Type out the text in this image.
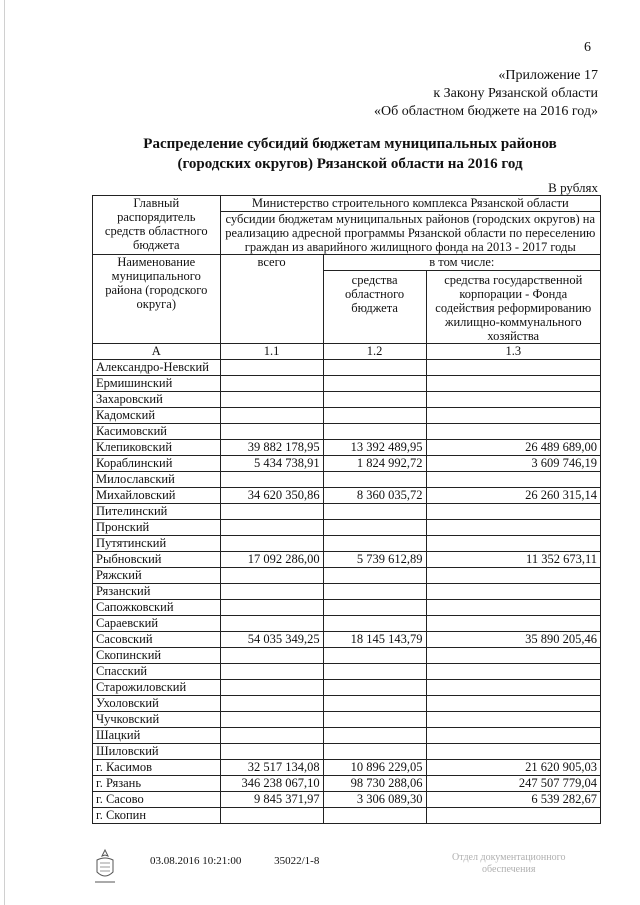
6
«Приложение 17
к Закону Рязанской области
«Об областном бюджете на 2016 год»
Распределение субсидий бюджетам муниципальных районов
(городских округов) Рязанской области на 2016 год
В рублях
Главный распорядитель средств областного бюджета	Министерство строительного комплекса Рязанской области		
	субсидии бюджетам муниципальных районов (городских округов) на реализацию адресной программы Рязанской области по переселению граждан из аварийного жилищного фонда на 2013 - 2017 годы		
Наименование муниципального района (городского округа)	всего	в том числе:	
		средства областного бюджета	средства государственной корпорации - Фонда содействия реформированию жилищно-коммунального хозяйства
А	1.1	1.2	1.3
Александро-Невский			
Ермишинский			
Захаровский			
Кадомский			
Касимовский			
Клепиковский	39 882 178,95	13 392 489,95	26 489 689,00
Кораблинский	5 434 738,91	1 824 992,72	3 609 746,19
Милославский			
Михайловский	34 620 350,86	8 360 035,72	26 260 315,14
Пителинский			
Пронский			
Путятинский			
Рыбновский	17 092 286,00	5 739 612,89	11 352 673,11
Ряжский			
Рязанский			
Сапожковский			
Сараевский			
Сасовский	54 035 349,25	18 145 143,79	35 890 205,46
Скопинский			
Спасский			
Старожиловский			
Ухоловский			
Чучковский			
Шацкий			
Шиловский			
г. Касимов	32 517 134,08	10 896 229,05	21 620 905,03
г. Рязань	346 238 067,10	98 730 288,06	247 507 779,04
г. Сасово	9 845 371,97	3 306 089,30	6 539 282,67
г. Скопин			
03.08.2016 10:21:00	35022/1-8	Отдел документационного
обеспечения
